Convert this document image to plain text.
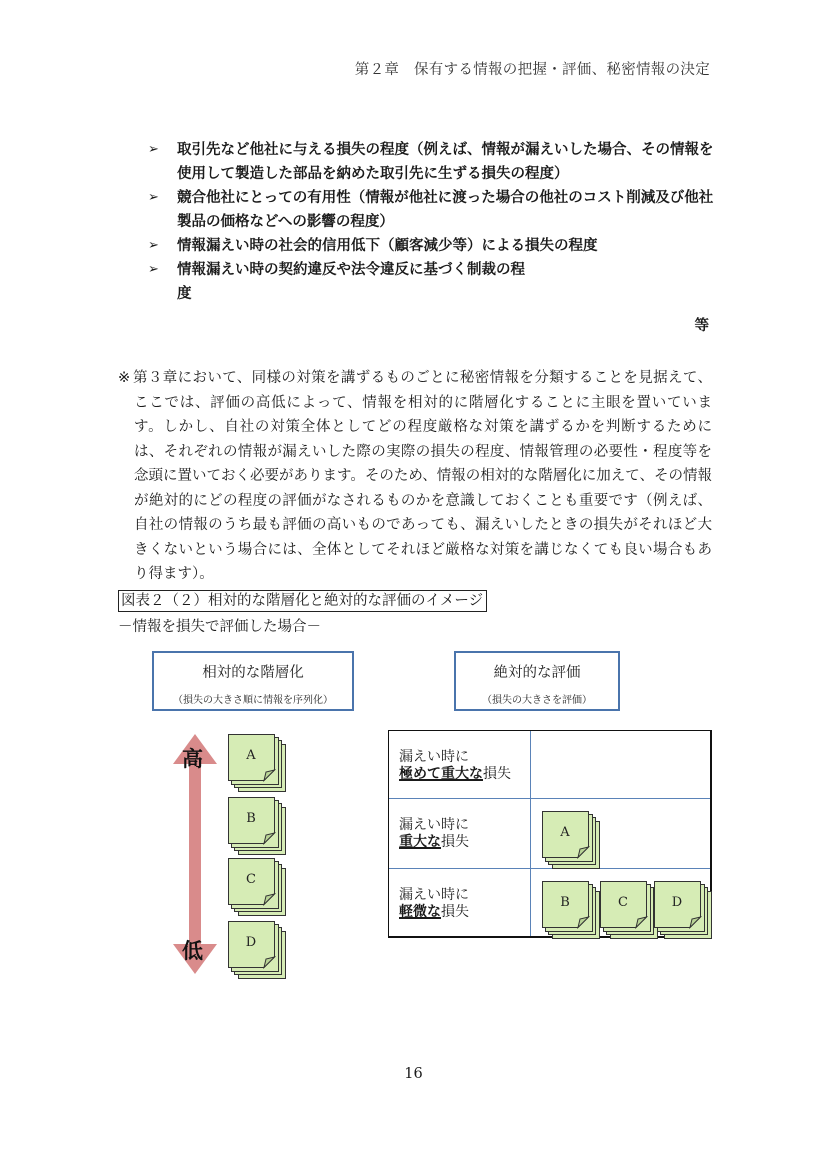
第２章　保有する情報の把握・評価、秘密情報の決定
➢ 取引先など他社に与える損失の程度（例えば、情報が漏えいした場合、その情報を使用して製造した部品を納めた取引先に生ずる損失の程度）
➢ 競合他社にとっての有用性（情報が他社に渡った場合の他社のコスト削減及び他社製品の価格などへの影響の程度）
➢ 情報漏えい時の社会的信用低下（顧客減少等）による損失の程度
➢ 情報漏えい時の契約違反や法令違反に基づく制裁の程
度
等
※ 第３章において、同様の対策を講ずるものごとに秘密情報を分類することを見据えて、ここでは、評価の高低によって、情報を相対的に階層化することに主眼を置いています。しかし、自社の対策全体としてどの程度厳格な対策を講ずるかを判断するためには、それぞれの情報が漏えいした際の実際の損失の程度、情報管理の必要性・程度等を念頭に置いておく必要があります。そのため、情報の相対的な階層化に加えて、その情報が絶対的にどの程度の評価がなされるものかを意識しておくことも重要です（例えば、自社の情報のうち最も評価の高いものであっても、漏えいしたときの損失がそれほど大きくないという場合には、全体としてそれほど厳格な対策を講じなくても良い場合もあり得ます）。
図表２（２）相対的な階層化と絶対的な評価のイメージ
－情報を損失で評価した場合－
相対的な階層化
（損失の大きさ順に情報を序列化）
絶対的な評価
（損失の大きさを評価）
高
低
A
B
C
D
漏えい時に
極めて重大な損失
漏えい時に
重大な損失
A
漏えい時に
軽微な損失
B	C	D
16
